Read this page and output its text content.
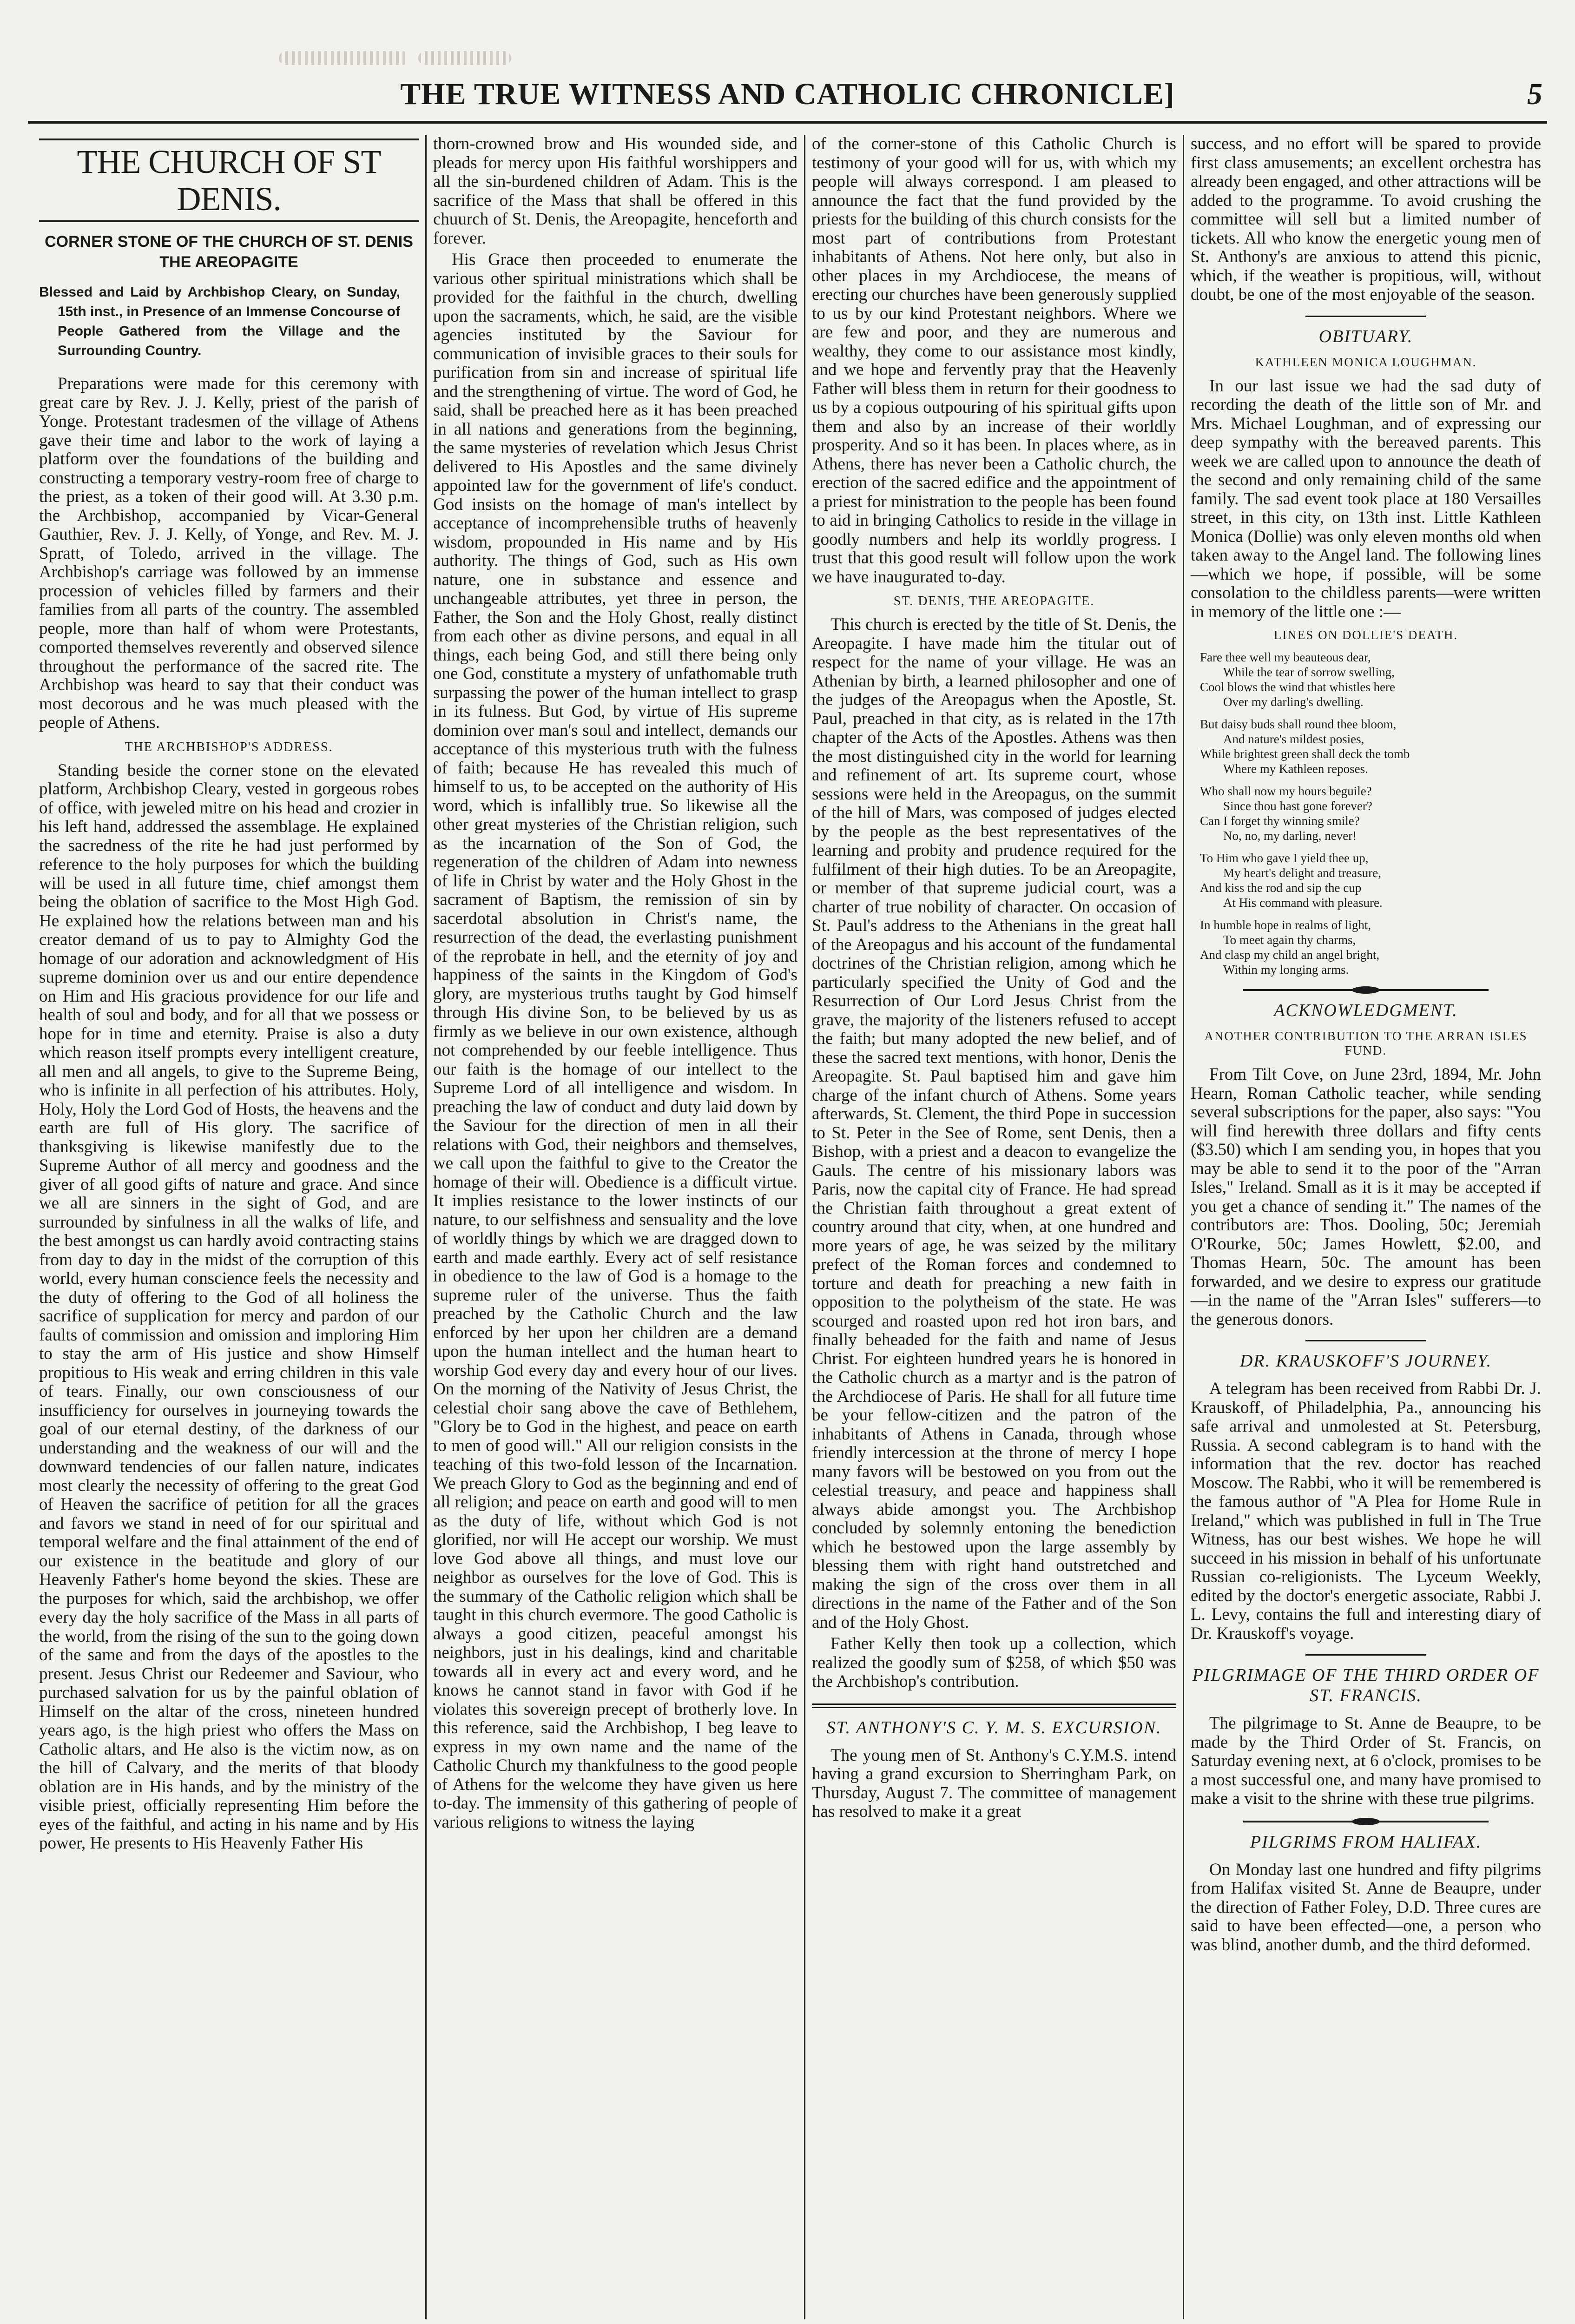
THE TRUE WITNESS AND CATHOLIC CHRONICLE]	5
THE CHURCH OF ST DENIS.
CORNER STONE OF THE CHURCH OF ST. DENIS THE AREOPAGITE

Blessed and Laid by Archbishop Cleary, on Sunday, 15th inst., in Presence of an Immense Concourse of People Gathered from the Village and the Surrounding Country.

Preparations were made for this ceremony with great care by Rev. J. J. Kelly, priest of the parish of Yonge. Protestant tradesmen of the village of Athens gave their time and labor to the work of laying a platform over the foundations of the building and constructing a temporary vestry-room free of charge to the priest, as a token of their good will. At 3.30 p.m. the Archbishop, accompanied by Vicar-General Gauthier, Rev. J. J. Kelly, of Yonge, and Rev. M. J. Spratt, of Toledo, arrived in the village. The Archbishop's carriage was followed by an immense procession of vehicles filled by farmers and their families from all parts of the country. The assembled people, more than half of whom were Protestants, comported themselves reverently and observed silence throughout the performance of the sacred rite. The Archbishop was heard to say that their conduct was most decorous and he was much pleased with the people of Athens.

THE ARCHBISHOP'S ADDRESS.

Standing beside the corner stone on the elevated platform, Archbishop Cleary, vested in gorgeous robes of office, with jeweled mitre on his head and crozier in his left hand, addressed the assemblage. He explained the sacredness of the rite he had just performed by reference to the holy purposes for which the building will be used in all future time, chief amongst them being the oblation of sacrifice to the Most High God. He explained how the relations between man and his creator demand of us to pay to Almighty God the homage of our adoration and acknowledgment of His supreme dominion over us and our entire dependence on Him and His gracious providence for our life and health of soul and body, and for all that we possess or hope for in time and eternity. Praise is also a duty which reason itself prompts every intelligent creature, all men and all angels, to give to the Supreme Being, who is infinite in all perfection of his attributes. Holy, Holy, Holy the Lord God of Hosts, the heavens and the earth are full of His glory. The sacrifice of thanksgiving is likewise manifestly due to the Supreme Author of all mercy and goodness and the giver of all good gifts of nature and grace. And since we all are sinners in the sight of God, and are surrounded by sinfulness in all the walks of life, and the best amongst us can hardly avoid contracting stains from day to day in the midst of the corruption of this world, every human conscience feels the necessity and the duty of offering to the God of all holiness the sacrifice of supplication for mercy and pardon of our faults of commission and omission and imploring Him to stay the arm of His justice and show Himself propitious to His weak and erring children in this vale of tears. Finally, our own consciousness of our insufficiency for ourselves in journeying towards the goal of our eternal destiny, of the darkness of our understanding and the weakness of our will and the downward tendencies of our fallen nature, indicates most clearly the necessity of offering to the great God of Heaven the sacrifice of petition for all the graces and favors we stand in need of for our spiritual and temporal welfare and the final attainment of the end of our existence in the beatitude and glory of our Heavenly Father's home beyond the skies. These are the purposes for which, said the archbishop, we offer every day the holy sacrifice of the Mass in all parts of the world, from the rising of the sun to the going down of the same and from the days of the apostles to the present. Jesus Christ our Redeemer and Saviour, who purchased salvation for us by the painful oblation of Himself on the altar of the cross, nineteen hundred years ago, is the high priest who offers the Mass on Catholic altars, and He also is the victim now, as on the hill of Calvary, and the merits of that bloody oblation are in His hands, and by the ministry of the visible priest, officially representing Him before the eyes of the faithful, and acting in his name and by His power, He presents to His Heavenly Father His

thorn-crowned brow and His wounded side, and pleads for mercy upon His faithful worshippers and all the sin-burdened children of Adam. This is the sacrifice of the Mass that shall be offered in this chuurch of St. Denis, the Areopagite, henceforth and forever.

His Grace then proceeded to enumerate the various other spiritual ministrations which shall be provided for the faithful in the church, dwelling upon the sacraments, which, he said, are the visible agencies instituted by the Saviour for communication of invisible graces to their souls for purification from sin and increase of spiritual life and the strengthening of virtue. The word of God, he said, shall be preached here as it has been preached in all nations and generations from the beginning, the same mysteries of revelation which Jesus Christ delivered to His Apostles and the same divinely appointed law for the government of life's conduct. God insists on the homage of man's intellect by acceptance of incomprehensible truths of heavenly wisdom, propounded in His name and by His authority. The things of God, such as His own nature, one in substance and essence and unchangeable attributes, yet three in person, the Father, the Son and the Holy Ghost, really distinct from each other as divine persons, and equal in all things, each being God, and still there being only one God, constitute a mystery of unfathomable truth surpassing the power of the human intellect to grasp in its fulness. But God, by virtue of His supreme dominion over man's soul and intellect, demands our acceptance of this mysterious truth with the fulness of faith; because He has revealed this much of himself to us, to be accepted on the authority of His word, which is infallibly true. So likewise all the other great mysteries of the Christian religion, such as the incarnation of the Son of God, the regeneration of the children of Adam into newness of life in Christ by water and the Holy Ghost in the sacrament of Baptism, the remission of sin by sacerdotal absolution in Christ's name, the resurrection of the dead, the everlasting punishment of the reprobate in hell, and the eternity of joy and happiness of the saints in the Kingdom of God's glory, are mysterious truths taught by God himself through His divine Son, to be believed by us as firmly as we believe in our own existence, although not comprehended by our feeble intelligence. Thus our faith is the homage of our intellect to the Supreme Lord of all intelligence and wisdom. In preaching the law of conduct and duty laid down by the Saviour for the direction of men in all their relations with God, their neighbors and themselves, we call upon the faithful to give to the Creator the homage of their will. Obedience is a difficult virtue. It implies resistance to the lower instincts of our nature, to our selfishness and sensuality and the love of worldly things by which we are dragged down to earth and made earthly. Every act of self resistance in obedience to the law of God is a homage to the supreme ruler of the universe. Thus the faith preached by the Catholic Church and the law enforced by her upon her children are a demand upon the human intellect and the human heart to worship God every day and every hour of our lives. On the morning of the Nativity of Jesus Christ, the celestial choir sang above the cave of Bethlehem, "Glory be to God in the highest, and peace on earth to men of good will." All our religion consists in the teaching of this two-fold lesson of the Incarnation. We preach Glory to God as the beginning and end of all religion; and peace on earth and good will to men as the duty of life, without which God is not glorified, nor will He accept our worship. We must love God above all things, and must love our neighbor as ourselves for the love of God. This is the summary of the Catholic religion which shall be taught in this church evermore. The good Catholic is always a good citizen, peaceful amongst his neighbors, just in his dealings, kind and charitable towards all in every act and every word, and he knows he cannot stand in favor with God if he violates this sovereign precept of brotherly love. In this reference, said the Archbishop, I beg leave to express in my own name and the name of the Catholic Church my thankfulness to the good people of Athens for the welcome they have given us here to-day. The immensity of this gathering of people of various religions to witness the laying

of the corner-stone of this Catholic Church is testimony of your good will for us, with which my people will always correspond. I am pleased to announce the fact that the fund provided by the priests for the building of this church consists for the most part of contributions from Protestant inhabitants of Athens. Not here only, but also in other places in my Archdiocese, the means of erecting our churches have been generously supplied to us by our kind Protestant neighbors. Where we are few and poor, and they are numerous and wealthy, they come to our assistance most kindly, and we hope and fervently pray that the Heavenly Father will bless them in return for their goodness to us by a copious outpouring of his spiritual gifts upon them and also by an increase of their worldly prosperity. And so it has been. In places where, as in Athens, there has never been a Catholic church, the erection of the sacred edifice and the appointment of a priest for ministration to the people has been found to aid in bringing Catholics to reside in the village in goodly numbers and help its worldly progress. I trust that this good result will follow upon the work we have inaugurated to-day.

ST. DENIS, THE AREOPAGITE.

This church is erected by the title of St. Denis, the Areopagite. I have made him the titular out of respect for the name of your village. He was an Athenian by birth, a learned philosopher and one of the judges of the Areopagus when the Apostle, St. Paul, preached in that city, as is related in the 17th chapter of the Acts of the Apostles. Athens was then the most distinguished city in the world for learning and refinement of art. Its supreme court, whose sessions were held in the Areopagus, on the summit of the hill of Mars, was composed of judges elected by the people as the best representatives of the learning and probity and prudence required for the fulfilment of their high duties. To be an Areopagite, or member of that supreme judicial court, was a charter of true nobility of character. On occasion of St. Paul's address to the Athenians in the great hall of the Areopagus and his account of the fundamental doctrines of the Christian religion, among which he particularly specified the Unity of God and the Resurrection of Our Lord Jesus Christ from the grave, the majority of the listeners refused to accept the faith; but many adopted the new belief, and of these the sacred text mentions, with honor, Denis the Areopagite. St. Paul baptised him and gave him charge of the infant church of Athens. Some years afterwards, St. Clement, the third Pope in succession to St. Peter in the See of Rome, sent Denis, then a Bishop, with a priest and a deacon to evangelize the Gauls. The centre of his missionary labors was Paris, now the capital city of France. He had spread the Christian faith throughout a great extent of country around that city, when, at one hundred and more years of age, he was seized by the military prefect of the Roman forces and condemned to torture and death for preaching a new faith in opposition to the polytheism of the state. He was scourged and roasted upon red hot iron bars, and finally beheaded for the faith and name of Jesus Christ. For eighteen hundred years he is honored in the Catholic church as a martyr and is the patron of the Archdiocese of Paris. He shall for all future time be your fellow-citizen and the patron of the inhabitants of Athens in Canada, through whose friendly intercession at the throne of mercy I hope many favors will be bestowed on you from out the celestial treasury, and peace and happiness shall always abide amongst you. The Archbishop concluded by solemnly entoning the benediction which he bestowed upon the large assembly by blessing them with right hand outstretched and making the sign of the cross over them in all directions in the name of the Father and of the Son and of the Holy Ghost.

Father Kelly then took up a collection, which realized the goodly sum of $258, of which $50 was the Archbishop's contribution.

ST. ANTHONY'S C. Y. M. S. EXCURSION.

The young men of St. Anthony's C.Y.M.S. intend having a grand excursion to Sherringham Park, on Thursday, August 7. The committee of management has resolved to make it a great

success, and no effort will be spared to provide first class amusements; an excellent orchestra has already been engaged, and other attractions will be added to the programme. To avoid crushing the committee will sell but a limited number of tickets. All who know the energetic young men of St. Anthony's are anxious to attend this picnic, which, if the weather is propitious, will, without doubt, be one of the most enjoyable of the season.

OBITUARY.
KATHLEEN MONICA LOUGHMAN.

In our last issue we had the sad duty of recording the death of the little son of Mr. and Mrs. Michael Loughman, and of expressing our deep sympathy with the bereaved parents. This week we are called upon to announce the death of the second and only remaining child of the same family. The sad event took place at 180 Versailles street, in this city, on 13th inst. Little Kathleen Monica (Dollie) was only eleven months old when taken away to the Angel land. The following lines—which we hope, if possible, will be some consolation to the childless parents—were written in memory of the little one :—

LINES ON DOLLIE'S DEATH.
Fare thee well my beauteous dear,
While the tear of sorrow swelling,
Cool blows the wind that whistles here
Over my darling's dwelling.
But daisy buds shall round thee bloom,
And nature's mildest posies,
While brightest green shall deck the tomb
Where my Kathleen reposes.
Who shall now my hours beguile?
Since thou hast gone forever?
Can I forget thy winning smile?
No, no, my darling, never!
To Him who gave I yield thee up,
My heart's delight and treasure,
And kiss the rod and sip the cup
At His command with pleasure.
In humble hope in realms of light,
To meet again thy charms,
And clasp my child an angel bright,
Within my longing arms.
ACKNOWLEDGMENT.
ANOTHER CONTRIBUTION TO THE ARRAN ISLES FUND.

From Tilt Cove, on June 23rd, 1894, Mr. John Hearn, Roman Catholic teacher, while sending several subscriptions for the paper, also says: "You will find herewith three dollars and fifty cents ($3.50) which I am sending you, in hopes that you may be able to send it to the poor of the "Arran Isles," Ireland. Small as it is it may be accepted if you get a chance of sending it." The names of the contributors are: Thos. Dooling, 50c; Jeremiah O'Rourke, 50c; James Howlett, $2.00, and Thomas Hearn, 50c. The amount has been forwarded, and we desire to express our gratitude—in the name of the "Arran Isles" sufferers—to the generous donors.

DR. KRAUSKOFF'S JOURNEY.

A telegram has been received from Rabbi Dr. J. Krauskoff, of Philadelphia, Pa., announcing his safe arrival and unmolested at St. Petersburg, Russia. A second cablegram is to hand with the information that the rev. doctor has reached Moscow. The Rabbi, who it will be remembered is the famous author of "A Plea for Home Rule in Ireland," which was published in full in The True Witness, has our best wishes. We hope he will succeed in his mission in behalf of his unfortunate Russian co-religionists. The Lyceum Weekly, edited by the doctor's energetic associate, Rabbi J. L. Levy, contains the full and interesting diary of Dr. Krauskoff's voyage.

PILGRIMAGE OF THE THIRD ORDER OF ST. FRANCIS.

The pilgrimage to St. Anne de Beaupre, to be made by the Third Order of St. Francis, on Saturday evening next, at 6 o'clock, promises to be a most successful one, and many have promised to make a visit to the shrine with these true pilgrims.

PILGRIMS FROM HALIFAX.

On Monday last one hundred and fifty pilgrims from Halifax visited St. Anne de Beaupre, under the direction of Father Foley, D.D. Three cures are said to have been effected—one, a person who was blind, another dumb, and the third deformed.
